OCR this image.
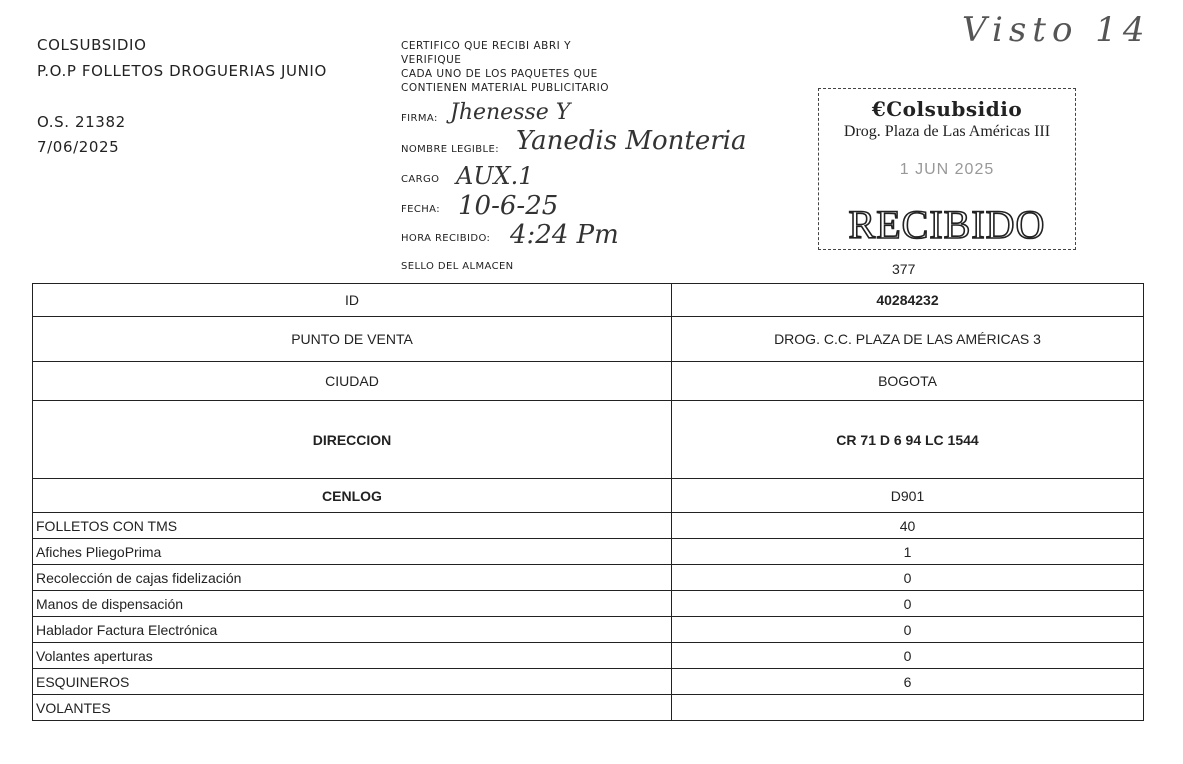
COLSUBSIDIO
P.O.P FOLLETOS DROGUERIAS JUNIO
O.S. 21382
7/06/2025
CERTIFICO QUE RECIBI ABRI Y
VERIFIQUE
CADA UNO DE LOS PAQUETES QUE
CONTIENEN MATERIAL PUBLICITARIO
FIRMA: Jhenesse Y
NOMBRE LEGIBLE: Yanedis Monteria
CARGO AUX.1
FECHA: 10-6-25
HORA RECIBIDO: 4:24 Pm
SELLO DEL ALMACEN
Visto 14
€Colsubsidio
Drog. Plaza de Las Américas III
1 JUN 2025
RECIBIDO
377
ID	40284232
PUNTO DE VENTA	DROG. C.C. PLAZA DE LAS AMÉRICAS 3
CIUDAD	BOGOTA
DIRECCION	CR 71 D 6 94 LC 1544
CENLOG	D901
FOLLETOS CON TMS	40
Afiches PliegoPrima	1
Recolección de cajas fidelización	0
Manos de dispensación	0
Hablador Factura Electrónica	0
Volantes aperturas	0
ESQUINEROS	6
VOLANTES	
